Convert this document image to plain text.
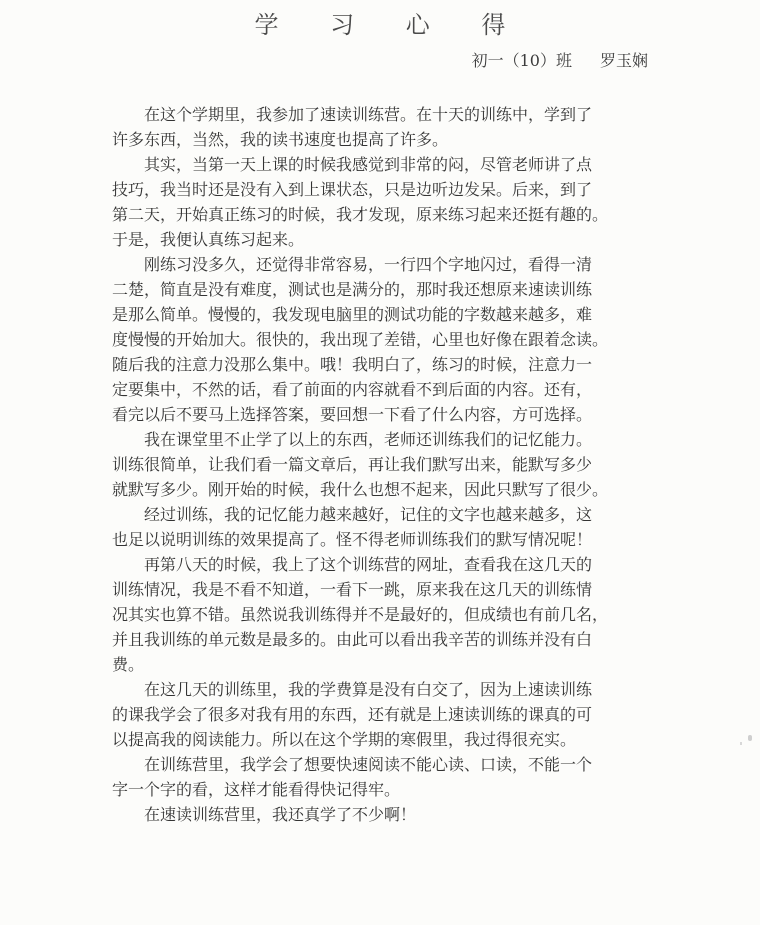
学 习 心 得
初一（10）班 罗玉娴
在这个学期里，我参加了速读训练营。在十天的训练中，学到了
许多东西，当然，我的读书速度也提高了许多。
其实，当第一天上课的时候我感觉到非常的闷，尽管老师讲了点
技巧，我当时还是没有入到上课状态，只是边听边发呆。后来，到了
第二天，开始真正练习的时候，我才发现，原来练习起来还挺有趣的。
于是，我便认真练习起来。
刚练习没多久，还觉得非常容易，一行四个字地闪过，看得一清
二楚，简直是没有难度，测试也是满分的，那时我还想原来速读训练
是那么简单。慢慢的，我发现电脑里的测试功能的字数越来越多，难
度慢慢的开始加大。很快的，我出现了差错，心里也好像在跟着念读。
随后我的注意力没那么集中。哦！我明白了，练习的时候，注意力一
定要集中，不然的话，看了前面的内容就看不到后面的内容。还有，
看完以后不要马上选择答案，要回想一下看了什么内容，方可选择。
我在课堂里不止学了以上的东西，老师还训练我们的记忆能力。
训练很简单，让我们看一篇文章后，再让我们默写出来，能默写多少
就默写多少。刚开始的时候，我什么也想不起来，因此只默写了很少。
经过训练，我的记忆能力越来越好，记住的文字也越来越多，这
也足以说明训练的效果提高了。怪不得老师训练我们的默写情况呢！
再第八天的时候，我上了这个训练营的网址，查看我在这几天的
训练情况，我是不看不知道，一看下一跳，原来我在这几天的训练情
况其实也算不错。虽然说我训练得并不是最好的，但成绩也有前几名，
并且我训练的单元数是最多的。由此可以看出我辛苦的训练并没有白
费。
在这几天的训练里，我的学费算是没有白交了，因为上速读训练
的课我学会了很多对我有用的东西，还有就是上速读训练的课真的可
以提高我的阅读能力。所以在这个学期的寒假里，我过得很充实。
在训练营里，我学会了想要快速阅读不能心读、口读，不能一个
字一个字的看，这样才能看得快记得牢。
在速读训练营里，我还真学了不少啊！
